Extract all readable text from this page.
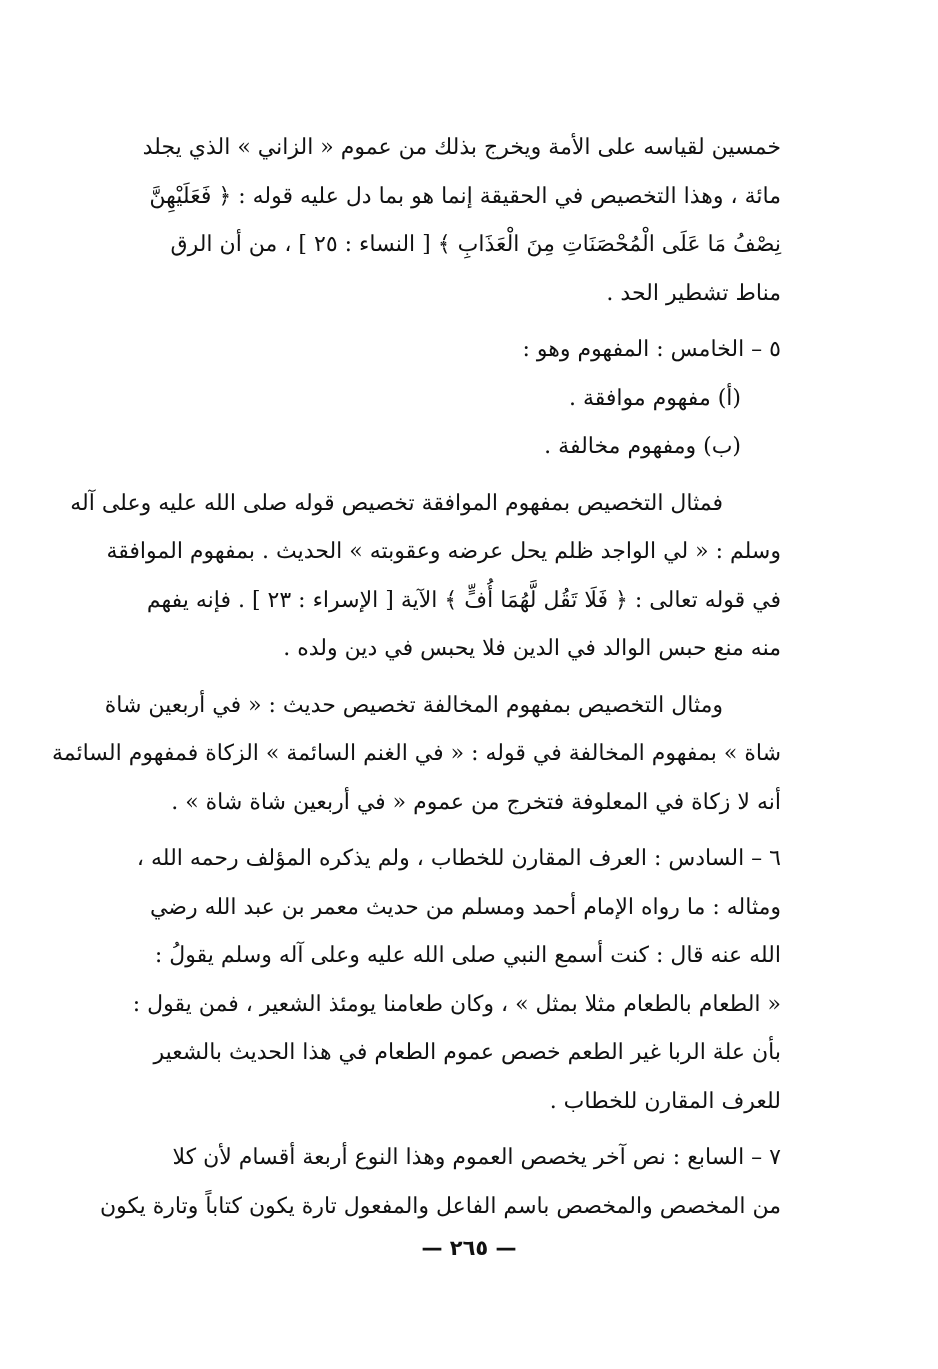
خمسين لقياسه على الأمة ويخرج بذلك من عموم « الزاني » الذي يجلد
مائة ، وهذا التخصيص في الحقيقة إنما هو بما دل عليه قوله : ﴿ فَعَلَيْهِنَّ
نِصْفُ مَا عَلَى الْمُحْصَنَاتِ مِنَ الْعَذَابِ ﴾ [ النساء : ٢٥ ] ، من أن الرق
مناط تشطير الحد .
٥ – الخامس : المفهوم وهو :
(أ) مفهوم موافقة .
(ب) ومفهوم مخالفة .
فمثال التخصيص بمفهوم الموافقة تخصيص قوله صلى الله عليه وعلى آله
وسلم : « لي الواجد ظلم يحل عرضه وعقوبته » الحديث . بمفهوم الموافقة
في قوله تعالى : ﴿ فَلَا تَقُل لَّهُمَا أُفٍّ ﴾ الآية [ الإسراء : ٢٣ ] . فإنه يفهم
منه منع حبس الوالد في الدين فلا يحبس في دين ولده .
ومثال التخصيص بمفهوم المخالفة تخصيص حديث : « في أربعين شاة
شاة » بمفهوم المخالفة في قوله : « في الغنم السائمة » الزكاة فمفهوم السائمة
أنه لا زكاة في المعلوفة فتخرج من عموم « في أربعين شاة شاة » .
٦ – السادس : العرف المقارن للخطاب ، ولم يذكره المؤلف رحمه الله ،
ومثاله : ما رواه الإمام أحمد ومسلم من حديث معمر بن عبد الله رضي
الله عنه قال : كنت أسمع النبي صلى الله عليه وعلى آله وسلم يقولُ :
« الطعام بالطعام مثلا بمثل » ، وكان طعامنا يومئذ الشعير ، فمن يقول :
بأن علة الربا غير الطعم خصص عموم الطعام في هذا الحديث بالشعير
للعرف المقارن للخطاب .
٧ – السابع : نص آخر يخصص العموم وهذا النوع أربعة أقسام لأن كلا
من المخصص والمخصص باسم الفاعل والمفعول تارة يكون كتاباً وتارة يكون
— ٢٦٥ —
